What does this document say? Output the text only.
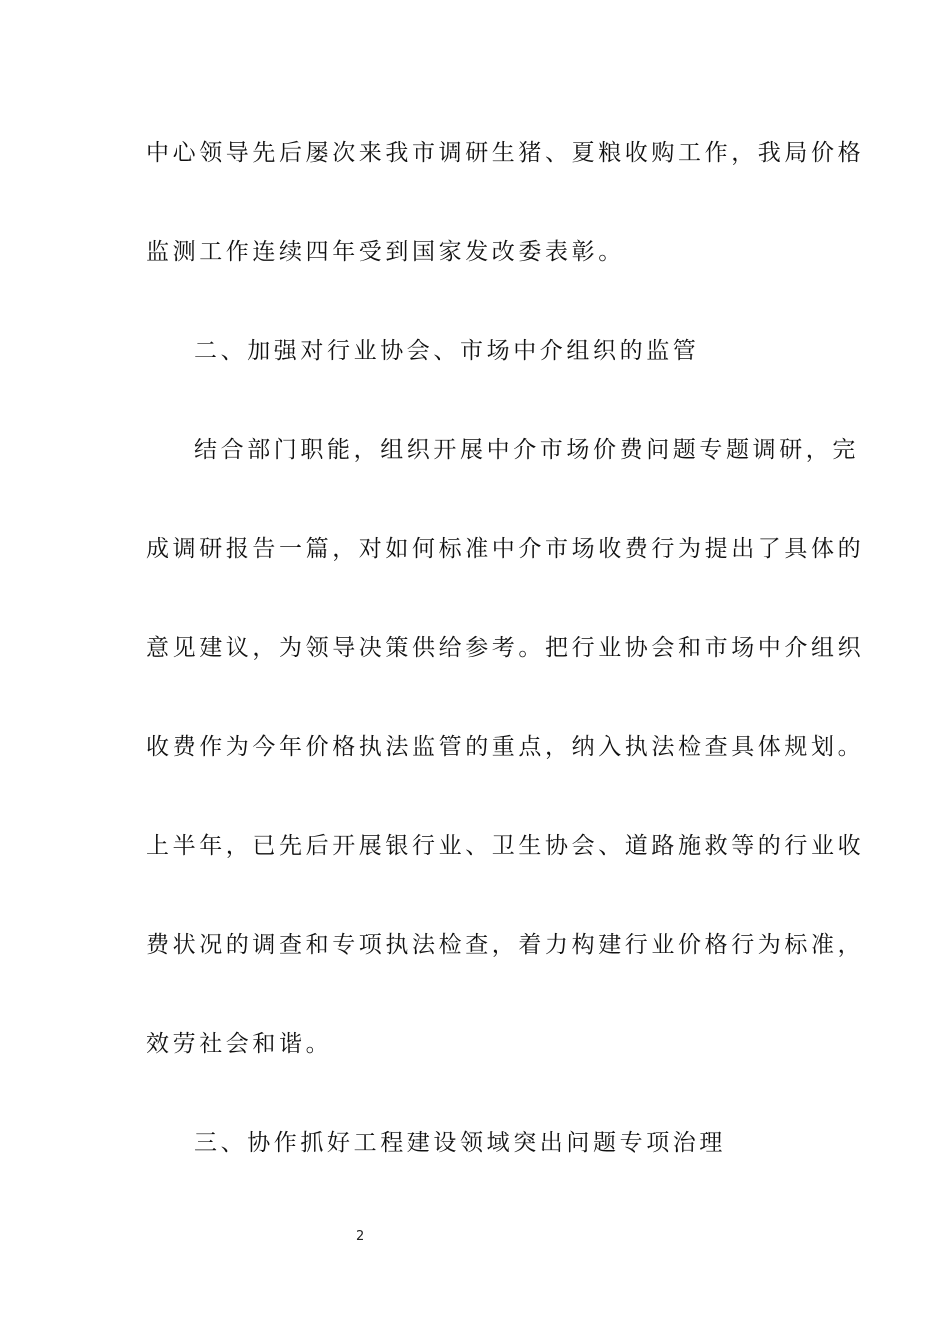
中心领导先后屡次来我市调研生猪、夏粮收购工作，我局价格
监测工作连续四年受到国家发改委表彰。
二、加强对行业协会、市场中介组织的监管
结合部门职能，组织开展中介市场价费问题专题调研，完
成调研报告一篇，对如何标准中介市场收费行为提出了具体的
意见建议，为领导决策供给参考。把行业协会和市场中介组织
收费作为今年价格执法监管的重点，纳入执法检查具体规划。
上半年，已先后开展银行业、卫生协会、道路施救等的行业收
费状况的调查和专项执法检查，着力构建行业价格行为标准，
效劳社会和谐。
三、协作抓好工程建设领域突出问题专项治理
2
